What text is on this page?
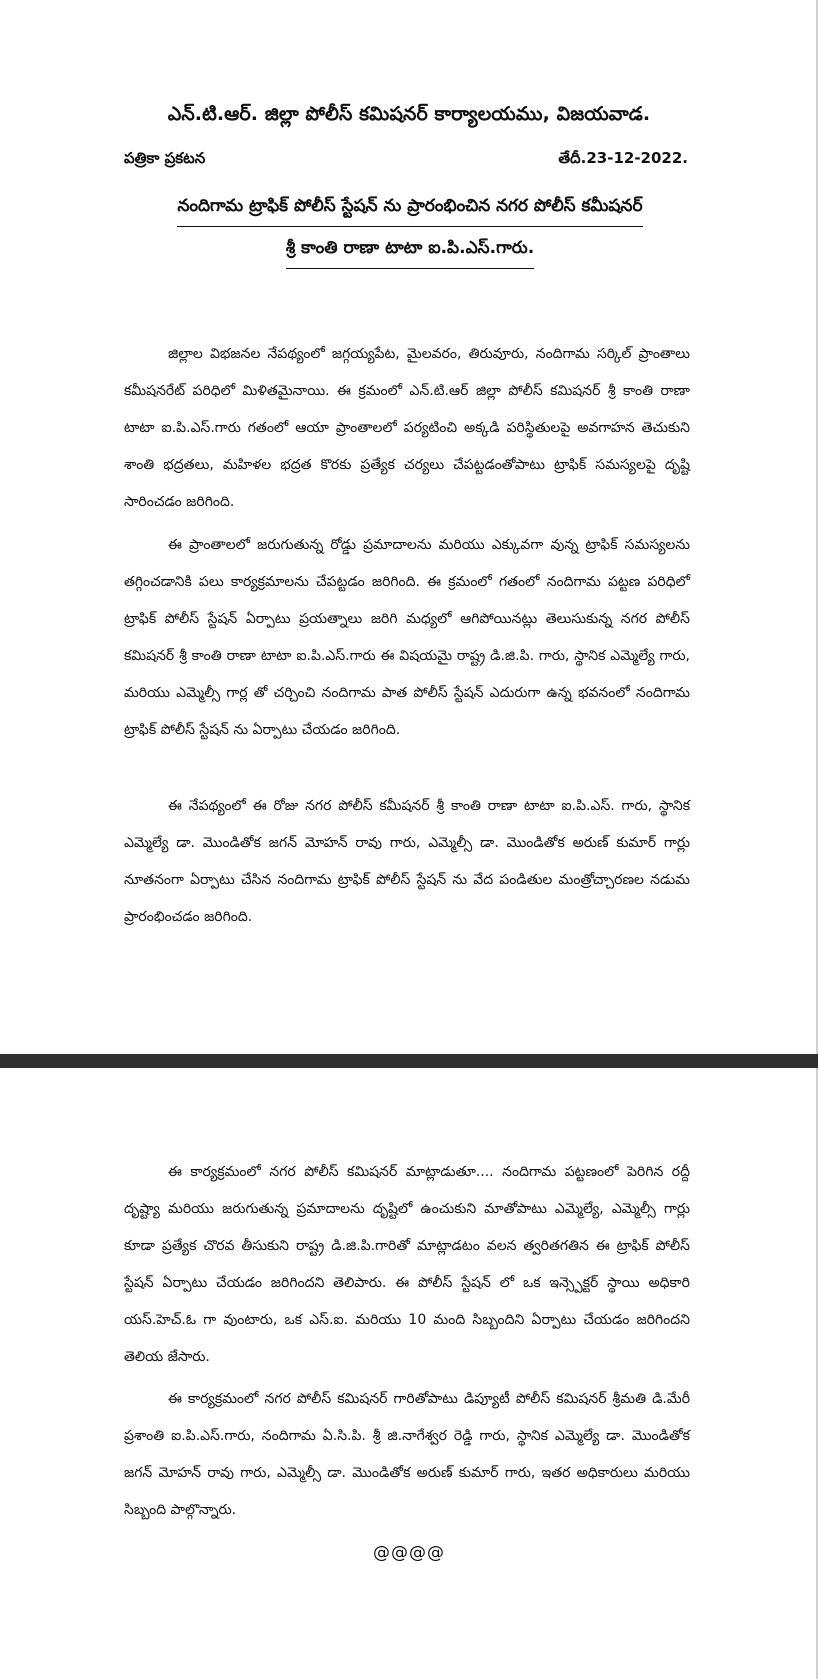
ఎన్.టి.ఆర్. జిల్లా పోలీస్ కమిషనర్ కార్యాలయము, విజయవాడ.
పత్రికా ప్రకటన	తేదీ.23-12-2022.
నందిగామ ట్రాఫిక్ పోలీస్ స్టేషన్ ను ప్రారంభించిన నగర పోలీస్ కమీషనర్
శ్రీ కాంతి రాణా టాటా ఐ.పి.ఎస్.గారు.

జిల్లాల విభజనల నేపథ్యంలో జగ్గయ్యపేట, మైలవరం, తిరువూరు, నందిగామ సర్కిల్ ప్రాంతాలు కమీషనరేట్ పరిధిలో మిళితమైనాయి. ఈ క్రమంలో ఎన్.టి.ఆర్ జిల్లా పోలీస్ కమిషనర్ శ్రీ కాంతి రాణా టాటా ఐ.పి.ఎస్.గారు గతంలో ఆయా ప్రాంతాలలో పర్యటించి అక్కడి పరిస్థితులపై అవగాహన తెచుకుని శాంతి భద్రతలు, మహిళల భద్రత కొరకు ప్రత్యేక చర్యలు చేపట్టడంతోపాటు ట్రాఫిక్ సమస్యలపై దృష్టి సారించడం జరిగింది.

ఈ ప్రాంతాలలో జరుగుతున్న రోడ్డు ప్రమాదాలను మరియు ఎక్కువగా వున్న ట్రాఫిక్ సమస్యలను తగ్గించడానికి పలు కార్యక్రమాలను చేపట్టడం జరిగింది. ఈ క్రమంలో గతంలో నందిగామ పట్టణ పరిధిలో ట్రాఫిక్ పోలీస్ స్టేషన్ ఏర్పాటు ప్రయత్నాలు జరిగి మధ్యలో ఆగిపోయినట్లు తెలుసుకున్న నగర పోలీస్ కమిషనర్ శ్రీ కాంతి రాణా టాటా ఐ.పి.ఎస్.గారు ఈ విషయమై రాష్ట్ర డి.జి.పి. గారు, స్థానిక ఎమ్మెల్యే గారు, మరియు ఎమ్మెల్సీ గార్ల తో చర్చించి నందిగామ పాత పోలీస్ స్టేషన్ ఎదురుగా ఉన్న భవనంలో నందిగామ ట్రాఫిక్ పోలీస్ స్టేషన్ ను ఏర్పాటు చేయడం జరిగింది.

ఈ నేపథ్యంలో ఈ రోజు నగర పోలీస్ కమీషనర్ శ్రీ కాంతి రాణా టాటా ఐ.పి.ఎస్. గారు, స్థానిక ఎమ్మెల్యే డా. మొండితోక జగన్ మోహన్ రావు గారు, ఎమ్మెల్సీ డా. మొండితోక అరుణ్ కుమార్ గార్లు నూతనంగా ఏర్పాటు చేసిన నందిగామ ట్రాఫిక్ పోలీస్ స్టేషన్ ను వేద పండితుల మంత్రోచ్చారణల నడుమ ప్రారంభించడం జరిగింది.

ఈ కార్యక్రమంలో నగర పోలీస్ కమిషనర్ మాట్లాడుతూ.... నందిగామ పట్టణంలో పెరిగిన రద్దీ దృష్ట్యా మరియు జరుగుతున్న ప్రమాదాలను దృష్టిలో ఉంచుకుని మాతోపాటు ఎమ్మెల్యే, ఎమ్మెల్సీ గార్లు కూడా ప్రత్యేక చొరవ తీసుకుని రాష్ట్ర డి.జి.పి.గారితో మాట్లాడటం వలన త్వరితగతిన ఈ ట్రాఫిక్ పోలీస్ స్టేషన్ ఏర్పాటు చేయడం జరిగిందని తెలిపారు. ఈ పోలీస్ స్టేషన్ లో ఒక ఇన్స్పెక్టర్ స్థాయి అధికారి యస్.హెచ్.ఓ గా వుంటారు, ఒక ఎస్.ఐ. మరియు 10 మంది సిబ్బందిని ఏర్పాటు చేయడం జరిగిందని తెలియ జేసారు.

ఈ కార్యక్రమంలో నగర పోలీస్ కమిషనర్ గారితోపాటు డిప్యూటీ పోలీస్ కమిషనర్ శ్రీమతి డి.మేరీ ప్రశాంతి ఐ.పి.ఎస్.గారు, నందిగామ ఏ.సి.పి. శ్రీ జి.నాగేశ్వర రెడ్డి గారు, స్థానిక ఎమ్మెల్యే డా. మొండితోక జగన్ మోహన్ రావు గారు, ఎమ్మెల్సీ డా. మొండితోక అరుణ్ కుమార్ గారు, ఇతర అధికారులు మరియు సిబ్బంది పాల్గొన్నారు.

@@@@
